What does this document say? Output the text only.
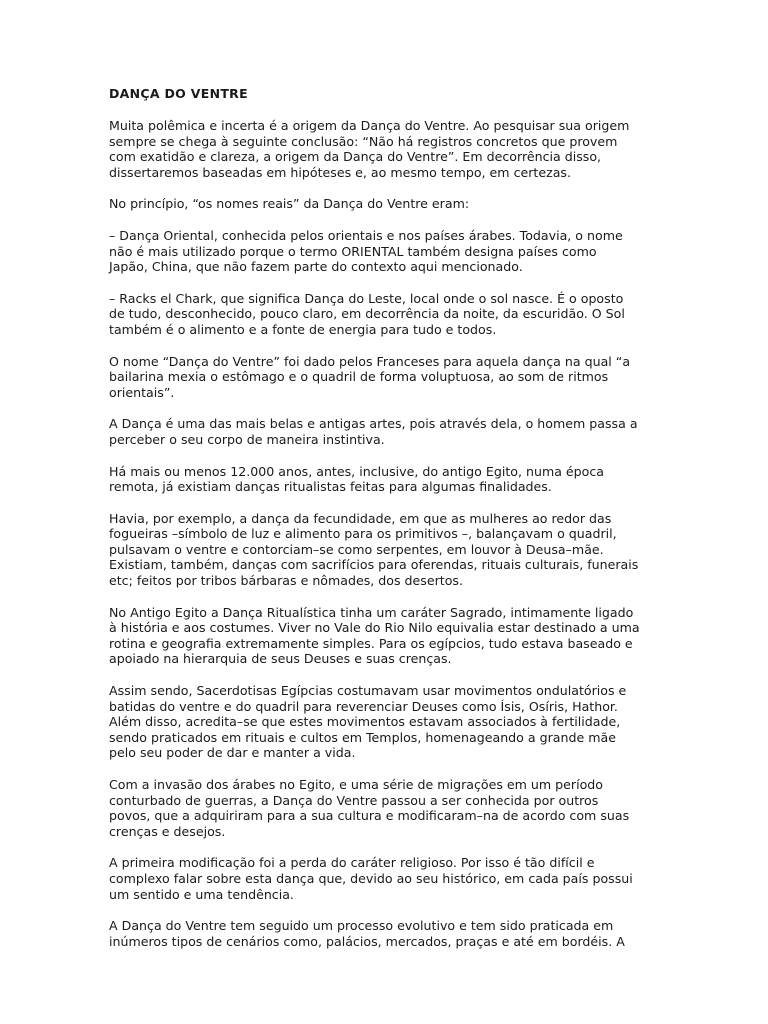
DANÇA DO VENTRE
Muita polêmica e incerta é a origem da Dança do Ventre. Ao pesquisar sua origem
sempre se chega à seguinte conclusão: “Não há registros concretos que provem
com exatidão e clareza, a origem da Dança do Ventre”. Em decorrência disso,
dissertaremos baseadas em hipóteses e, ao mesmo tempo, em certezas.
No princípio, “os nomes reais” da Dança do Ventre eram:
– Dança Oriental, conhecida pelos orientais e nos países árabes. Todavia, o nome
não é mais utilizado porque o termo ORIENTAL também designa países como
Japão, China, que não fazem parte do contexto aqui mencionado.
– Racks el Chark, que significa Dança do Leste, local onde o sol nasce. É o oposto
de tudo, desconhecido, pouco claro, em decorrência da noite, da escuridão. O Sol
também é o alimento e a fonte de energia para tudo e todos.
O nome “Dança do Ventre” foi dado pelos Franceses para aquela dança na qual “a
bailarina mexia o estômago e o quadril de forma voluptuosa, ao som de ritmos
orientais”.
A Dança é uma das mais belas e antigas artes, pois através dela, o homem passa a
perceber o seu corpo de maneira instintiva.
Há mais ou menos 12.000 anos, antes, inclusive, do antigo Egito, numa época
remota, já existiam danças ritualistas feitas para algumas finalidades.
Havia, por exemplo, a dança da fecundidade, em que as mulheres ao redor das
fogueiras –símbolo de luz e alimento para os primitivos –, balançavam o quadril,
pulsavam o ventre e contorciam–se como serpentes, em louvor à Deusa–mãe.
Existiam, também, danças com sacrifícios para oferendas, rituais culturais, funerais
etc; feitos por tribos bárbaras e nômades, dos desertos.
No Antigo Egito a Dança Ritualística tinha um caráter Sagrado, intimamente ligado
à história e aos costumes. Viver no Vale do Rio Nilo equivalia estar destinado a uma
rotina e geografia extremamente simples. Para os egípcios, tudo estava baseado e
apoiado na hierarquia de seus Deuses e suas crenças.
Assim sendo, Sacerdotisas Egípcias costumavam usar movimentos ondulatórios e
batidas do ventre e do quadril para reverenciar Deuses como Ísis, Osíris, Hathor.
Além disso, acredita–se que estes movimentos estavam associados à fertilidade,
sendo praticados em rituais e cultos em Templos, homenageando a grande mãe
pelo seu poder de dar e manter a vida.
Com a invasão dos árabes no Egito, e uma série de migrações em um período
conturbado de guerras, a Dança do Ventre passou a ser conhecida por outros
povos, que a adquiriram para a sua cultura e modificaram–na de acordo com suas
crenças e desejos.
A primeira modificação foi a perda do caráter religioso. Por isso é tão difícil e
complexo falar sobre esta dança que, devido ao seu histórico, em cada país possui
um sentido e uma tendência.
A Dança do Ventre tem seguido um processo evolutivo e tem sido praticada em
inúmeros tipos de cenários como, palácios, mercados, praças e até em bordéis. A
